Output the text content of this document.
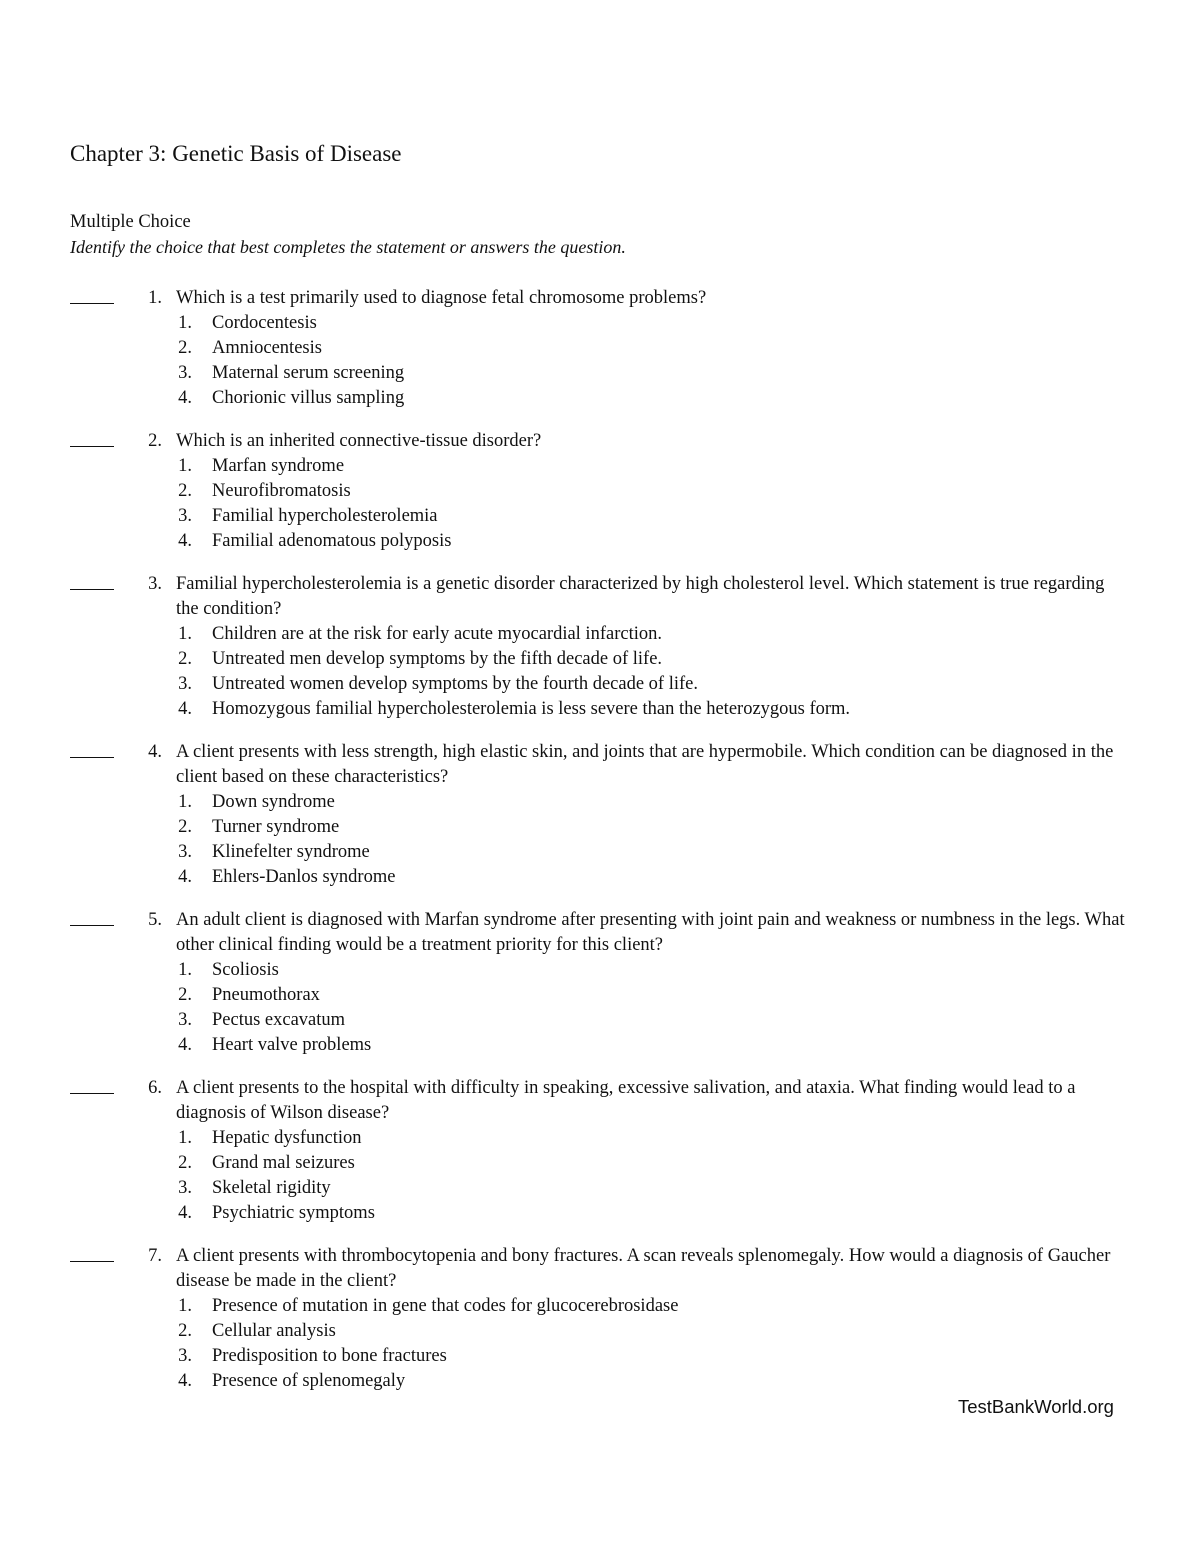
Chapter 3: Genetic Basis of Disease
Multiple Choice
Identify the choice that best completes the statement or answers the question.
1. Which is a test primarily used to diagnose fetal chromosome problems?
1. Cordocentesis
2. Amniocentesis
3. Maternal serum screening
4. Chorionic villus sampling
2. Which is an inherited connective-tissue disorder?
1. Marfan syndrome
2. Neurofibromatosis
3. Familial hypercholesterolemia
4. Familial adenomatous polyposis
3. Familial hypercholesterolemia is a genetic disorder characterized by high cholesterol level. Which statement is true regarding the condition?
1. Children are at the risk for early acute myocardial infarction.
2. Untreated men develop symptoms by the fifth decade of life.
3. Untreated women develop symptoms by the fourth decade of life.
4. Homozygous familial hypercholesterolemia is less severe than the heterozygous form.
4. A client presents with less strength, high elastic skin, and joints that are hypermobile. Which condition can be diagnosed in the client based on these characteristics?
1. Down syndrome
2. Turner syndrome
3. Klinefelter syndrome
4. Ehlers-Danlos syndrome
5. An adult client is diagnosed with Marfan syndrome after presenting with joint pain and weakness or numbness in the legs. What other clinical finding would be a treatment priority for this client?
1. Scoliosis
2. Pneumothorax
3. Pectus excavatum
4. Heart valve problems
6. A client presents to the hospital with difficulty in speaking, excessive salivation, and ataxia. What finding would lead to a diagnosis of Wilson disease?
1. Hepatic dysfunction
2. Grand mal seizures
3. Skeletal rigidity
4. Psychiatric symptoms
7. A client presents with thrombocytopenia and bony fractures. A scan reveals splenomegaly. How would a diagnosis of Gaucher disease be made in the client?
1. Presence of mutation in gene that codes for glucocerebrosidase
2. Cellular analysis
3. Predisposition to bone fractures
4. Presence of splenomegaly
TestBankWorld.org
